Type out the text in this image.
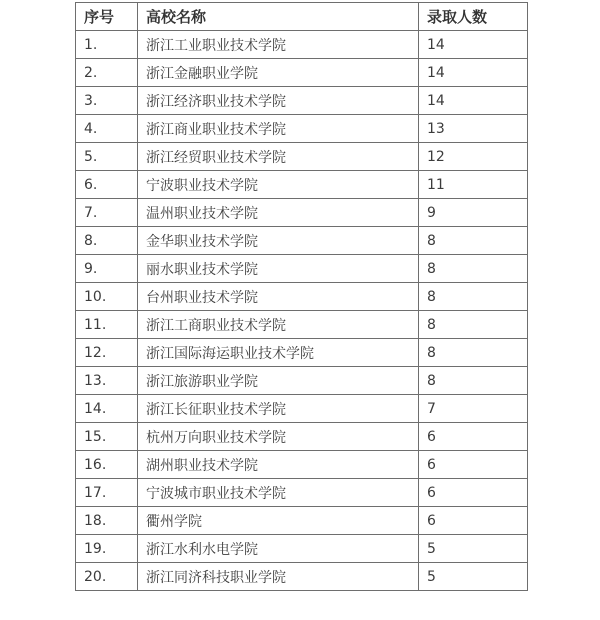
序号	高校名称	录取人数
1.	浙江工业职业技术学院	14
2.	浙江金融职业学院	14
3.	浙江经济职业技术学院	14
4.	浙江商业职业技术学院	13
5.	浙江经贸职业技术学院	12
6.	宁波职业技术学院	11
7.	温州职业技术学院	9
8.	金华职业技术学院	8
9.	丽水职业技术学院	8
10.	台州职业技术学院	8
11.	浙江工商职业技术学院	8
12.	浙江国际海运职业技术学院	8
13.	浙江旅游职业学院	8
14.	浙江长征职业技术学院	7
15.	杭州万向职业技术学院	6
16.	湖州职业技术学院	6
17.	宁波城市职业技术学院	6
18.	衢州学院	6
19.	浙江水利水电学院	5
20.	浙江同济科技职业学院	5
